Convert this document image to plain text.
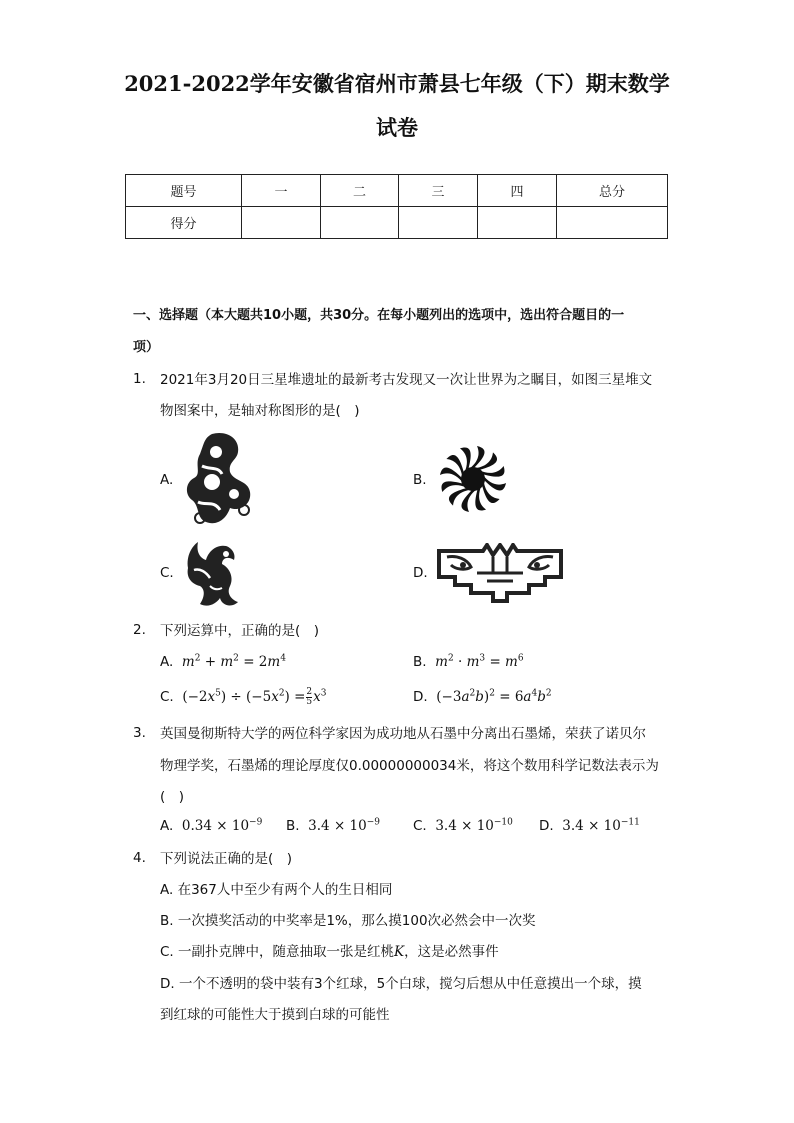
2021-2022学年安徽省宿州市萧县七年级（下）期末数学
试卷
题号	一	二	三	四	总分
得分					
一、选择题（本大题共10小题，共30分。在每小题列出的选项中，选出符合题目的一
项）
1. 2021年3月20日三星堆遗址的最新考古发现又一次让世界为之瞩目，如图三星堆文
物图案中，是轴对称图形的是(　)
A.	B.
C.	D.
2. 下列运算中，正确的是(　)
A. $m^2 + m^2 = 2m^4$	B. $m^2 \cdot m^3 = m^6$
C. $(-2x^5) \div (-5x^2) = \frac{2}{5} x^3$	D. $(-3a^2b)^2 = 6a^4b^2$
3. 英国曼彻斯特大学的两位科学家因为成功地从石墨中分离出石墨烯，荣获了诺贝尔
物理学奖，石墨烯的理论厚度仅0.00000000034米，将这个数用科学记数法表示为
(　)
A. $0.34 \times 10^{-9}$ B. $3.4 \times 10^{-9}$ C. $3.4 \times 10^{-10}$ D. $3.4 \times 10^{-11}$
4. 下列说法正确的是(　)
A. 在367人中至少有两个人的生日相同
B. 一次摸奖活动的中奖率是1%，那么摸100次必然会中一次奖
C. 一副扑克牌中，随意抽取一张是红桃K，这是必然事件
D. 一个不透明的袋中装有3个红球，5个白球，搅匀后想从中任意摸出一个球，摸
到红球的可能性大于摸到白球的可能性
